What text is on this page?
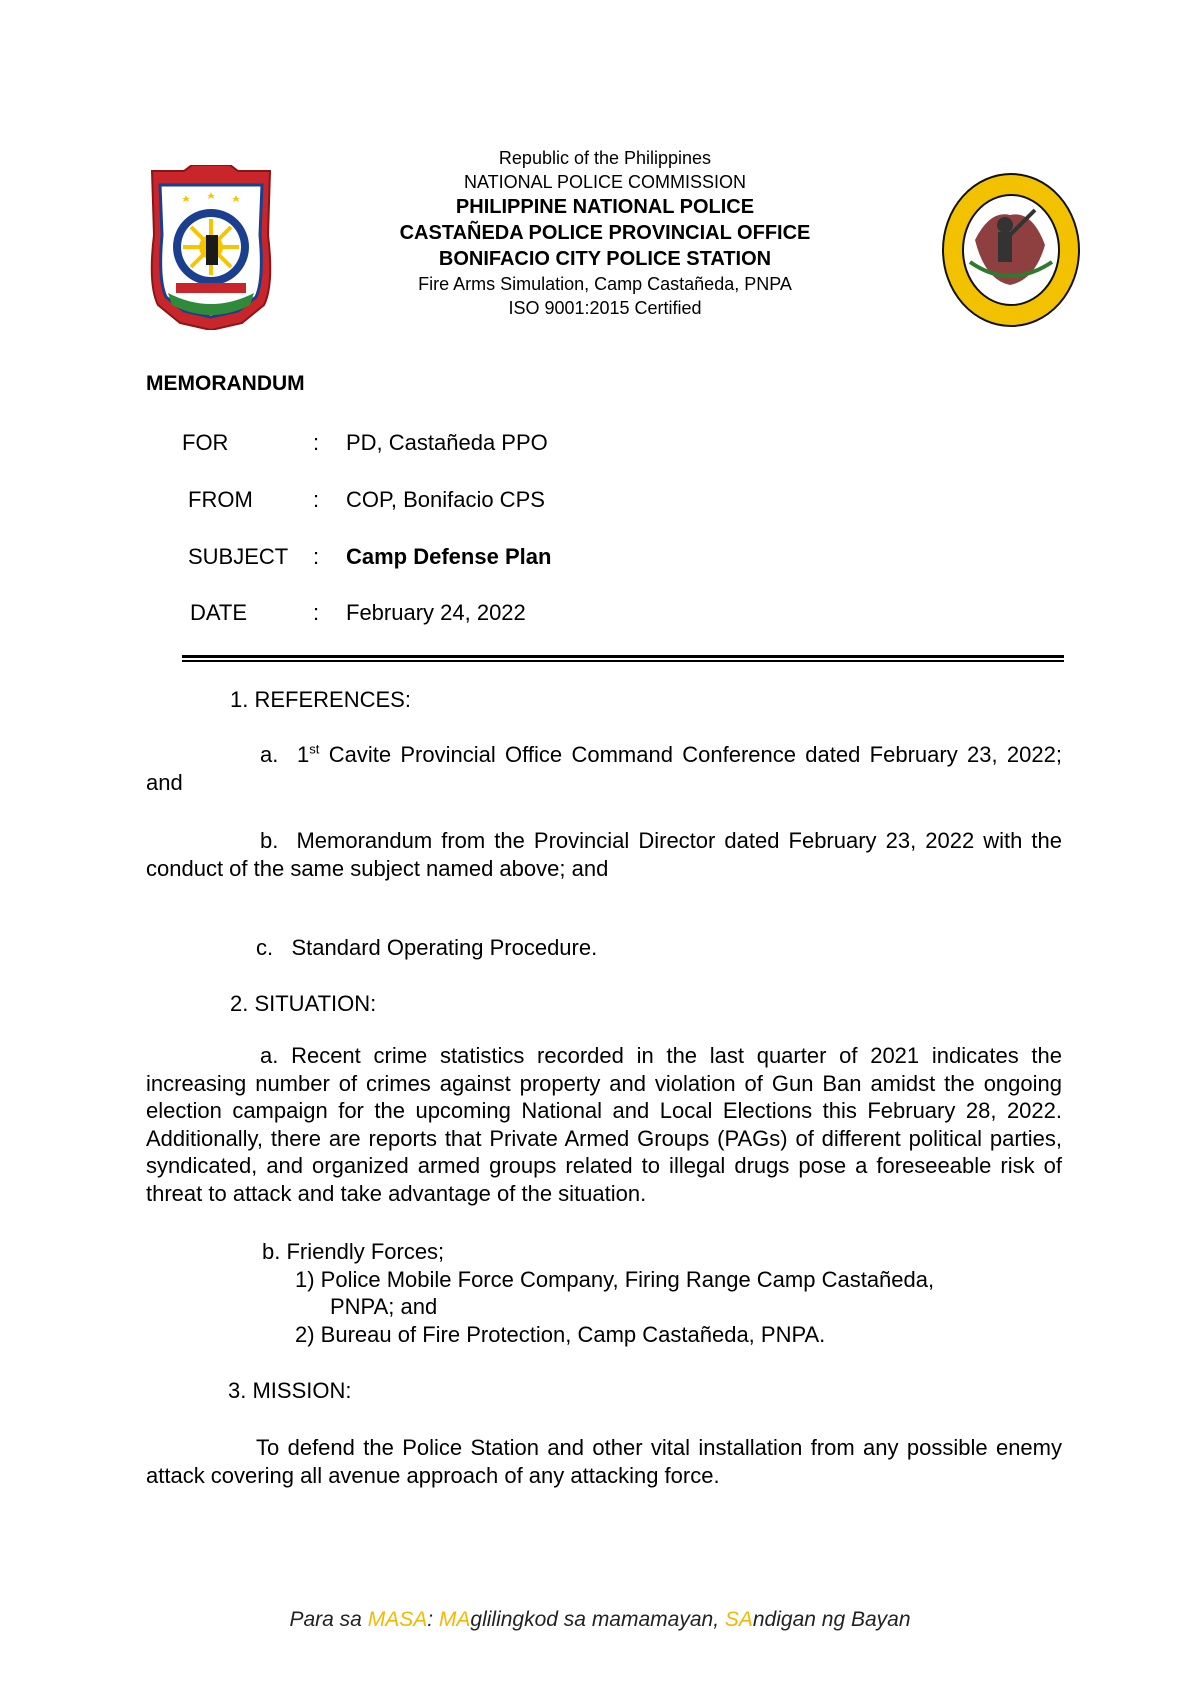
Republic of the Philippines
NATIONAL POLICE COMMISSION
PHILIPPINE NATIONAL POLICE
CASTAÑEDA POLICE PROVINCIAL OFFICE
BONIFACIO CITY POLICE STATION
Fire Arms Simulation, Camp Castañeda, PNPA
ISO 9001:2015 Certified
MEMORANDUM
FOR	: PD, Castañeda PPO
FROM	: COP, Bonifacio CPS
SUBJECT : Camp Defense Plan
DATE	: February 24, 2022
1. REFERENCES:
a. 1st Cavite Provincial Office Command Conference dated February 23, 2022; and
b. Memorandum from the Provincial Director dated February 23, 2022 with the conduct of the same subject named above; and
c. Standard Operating Procedure.
2. SITUATION:
a. Recent crime statistics recorded in the last quarter of 2021 indicates the increasing number of crimes against property and violation of Gun Ban amidst the ongoing election campaign for the upcoming National and Local Elections this February 28, 2022. Additionally, there are reports that Private Armed Groups (PAGs) of different political parties, syndicated, and organized armed groups related to illegal drugs pose a foreseeable risk of threat to attack and take advantage of the situation.
b. Friendly Forces;
1) Police Mobile Force Company, Firing Range Camp Castañeda,
PNPA; and
2) Bureau of Fire Protection, Camp Castañeda, PNPA.
3. MISSION:
To defend the Police Station and other vital installation from any possible enemy attack covering all avenue approach of any attacking force.
Para sa MASA: MAglilingkod sa mamamayan, SAndigan ng Bayan
